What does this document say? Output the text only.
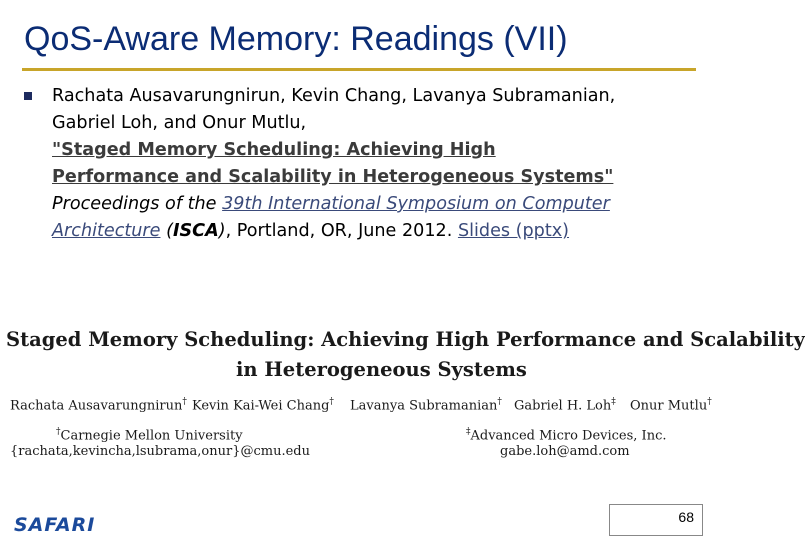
QoS-Aware Memory: Readings (VII)
Rachata Ausavarungnirun, Kevin Chang, Lavanya Subramanian,
Gabriel Loh, and Onur Mutlu,
"Staged Memory Scheduling: Achieving High
Performance and Scalability in Heterogeneous Systems"
Proceedings of the 39th International Symposium on Computer
Architecture (ISCA), Portland, OR, June 2012. Slides (pptx)
Staged Memory Scheduling: Achieving High Performance and Scalability
in Heterogeneous Systems
Rachata Ausavarungnirun† Kevin Kai-Wei Chang† Lavanya Subramanian† Gabriel H. Loh‡ Onur Mutlu†
†Carnegie Mellon University
{rachata,kevincha,lsubrama,onur}@cmu.edu
‡Advanced Micro Devices, Inc.
gabe.loh@amd.com
SAFARI	68
